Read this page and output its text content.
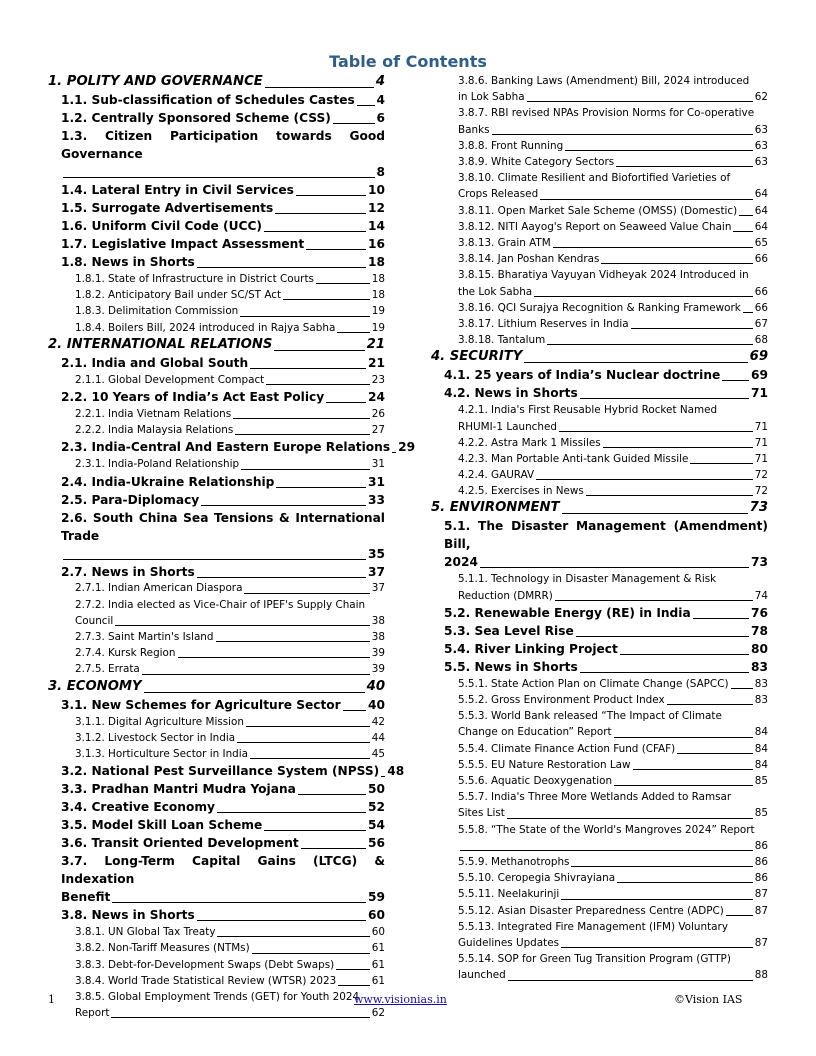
Table of Contents
1. POLITY AND GOVERNANCE	4
1.1. Sub-classification of Schedules Castes 4
1.2. Centrally Sponsored Scheme (CSS)	6
1.3. Citizen Participation towards Good Governance
8
1.4. Lateral Entry in Civil Services	10
1.5. Surrogate Advertisements	12
1.6. Uniform Civil Code (UCC)	14
1.7. Legislative Impact Assessment	16
1.8. News in Shorts	18
1.8.1. State of Infrastructure in District Courts	18
1.8.2. Anticipatory Bail under SC/ST Act	18
1.8.3. Delimitation Commission	19
1.8.4. Boilers Bill, 2024 introduced in Rajya Sabha	19
2. INTERNATIONAL RELATIONS	21
2.1. India and Global South	21
2.1.1. Global Development Compact	23
2.2. 10 Years of India’s Act East Policy	24
2.2.1. India Vietnam Relations	26
2.2.2. India Malaysia Relations	27
2.3. India-Central And Eastern Europe Relations 29
2.3.1. India-Poland Relationship	31
2.4. India-Ukraine Relationship	31
2.5. Para-Diplomacy	33
2.6. South China Sea Tensions & International Trade
35
2.7. News in Shorts	37
2.7.1. Indian American Diaspora	37
2.7.2. India elected as Vice-Chair of IPEF's Supply Chain
Council	38
2.7.3. Saint Martin's Island	38
2.7.4. Kursk Region	39
2.7.5. Errata	39
3. ECONOMY	40
3.1. New Schemes for Agriculture Sector 40
3.1.1. Digital Agriculture Mission	42
3.1.2. Livestock Sector in India	44
3.1.3. Horticulture Sector in India	45
3.2. National Pest Surveillance System (NPSS) 48
3.3. Pradhan Mantri Mudra Yojana	50
3.4. Creative Economy	52
3.5. Model Skill Loan Scheme	54
3.6. Transit Oriented Development	56
3.7. Long-Term Capital Gains (LTCG) & Indexation
Benefit	59
3.8. News in Shorts	60
3.8.1. UN Global Tax Treaty	60
3.8.2. Non-Tariff Measures (NTMs)	61
3.8.3. Debt-for-Development Swaps (Debt Swaps)	61
3.8.4. World Trade Statistical Review (WTSR) 2023	61
3.8.5. Global Employment Trends (GET) for Youth 2024
Report	62
3.8.6. Banking Laws (Amendment) Bill, 2024 introduced
in Lok Sabha	62
3.8.7. RBI revised NPAs Provision Norms for Co-operative
Banks	63
3.8.8. Front Running	63
3.8.9. White Category Sectors	63
3.8.10. Climate Resilient and Biofortified Varieties of
Crops Released	64
3.8.11. Open Market Sale Scheme (OMSS) (Domestic) 64
3.8.12. NITI Aayog's Report on Seaweed Value Chain 64
3.8.13. Grain ATM	65
3.8.14. Jan Poshan Kendras	66
3.8.15. Bharatiya Vayuyan Vidheyak 2024 Introduced in
the Lok Sabha	66
3.8.16. QCI Surajya Recognition & Ranking Framework 66
3.8.17. Lithium Reserves in India	67
3.8.18. Tantalum	68
4. SECURITY	69
4.1. 25 years of India’s Nuclear doctrine	69
4.2. News in Shorts	71
4.2.1. India's First Reusable Hybrid Rocket Named
RHUMI-1 Launched	71
4.2.2. Astra Mark 1 Missiles	71
4.2.3. Man Portable Anti-tank Guided Missile	71
4.2.4. GAURAV	72
4.2.5. Exercises in News	72
5. ENVIRONMENT	73
5.1. The Disaster Management (Amendment) Bill,
2024	73
5.1.1. Technology in Disaster Management & Risk
Reduction (DMRR)	74
5.2. Renewable Energy (RE) in India	76
5.3. Sea Level Rise	78
5.4. River Linking Project	80
5.5. News in Shorts	83
5.5.1. State Action Plan on Climate Change (SAPCC)	83
5.5.2. Gross Environment Product Index	83
5.5.3. World Bank released “The Impact of Climate
Change on Education” Report	84
5.5.4. Climate Finance Action Fund (CFAF)	84
5.5.5. EU Nature Restoration Law	84
5.5.6. Aquatic Deoxygenation	85
5.5.7. India's Three More Wetlands Added to Ramsar
Sites List	85
5.5.8. “The State of the World's Mangroves 2024” Report
86
5.5.9. Methanotrophs	86
5.5.10. Ceropegia Shivrayiana	86
5.5.11. Neelakurinji	87
5.5.12. Asian Disaster Preparedness Centre (ADPC)	87
5.5.13. Integrated Fire Management (IFM) Voluntary
Guidelines Updates	87
5.5.14. SOP for Green Tug Transition Program (GTTP)
launched	88
1	www.visionias.in	©Vision IAS
